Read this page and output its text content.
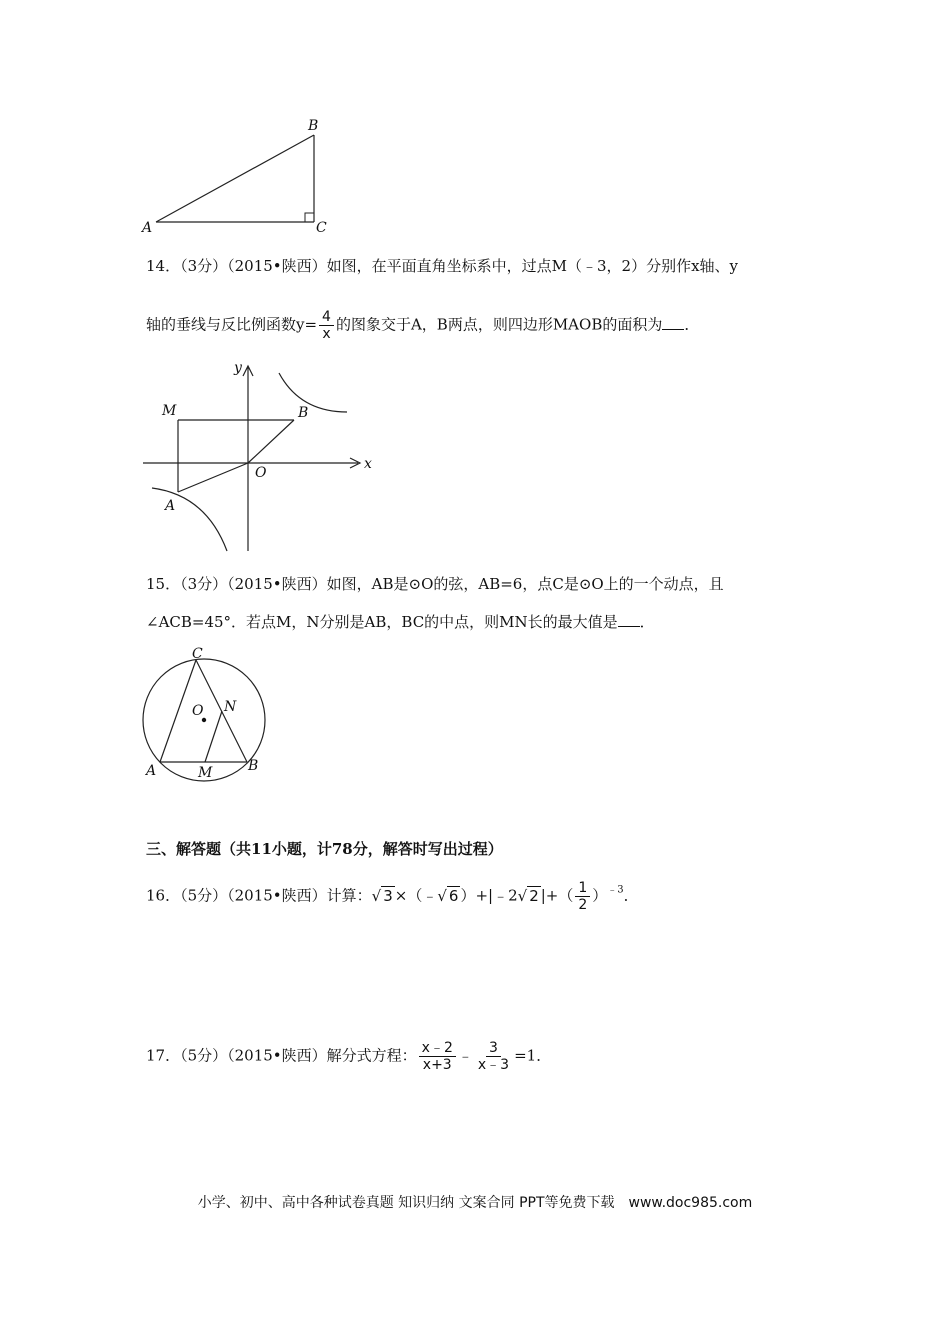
A
B
C
14．（3分）（2015•陕西）如图，在平面直角坐标系中，过点M（﹣3，2）分别作x轴、y
轴的垂线与反比例函数$y= \frac{4}{x}$ 的图象交于A，B两点，则四边形MAOB的面积为 ．
y
x
M	B
O
A
15．（3分）（2015•陕西）如图，AB是⊙O的弦，AB=6，点C是⊙O上的一个动点，且
∠ACB=45°．若点M，N分别是AB，BC的中点，则MN长的最大值是 ．
C
O N
A	M	B
三、解答题（共11小题，计78分，解答时写出过程）
16．（5分）（2015•陕西）计算：√ 3 ×（﹣√ 6 ）+|﹣2√ 2 |+（ $\frac{1}{2} )^{﹣3}$．
17．（5分）（2015•陕西）解分式方程： $\frac{x﹣2}{x+3}$ ﹣ $\frac{3}{x﹣3} =1$．
小学、初中、高中各种试卷真题 知识归纳 文案合同 PPT等免费下载　www.doc985.com
